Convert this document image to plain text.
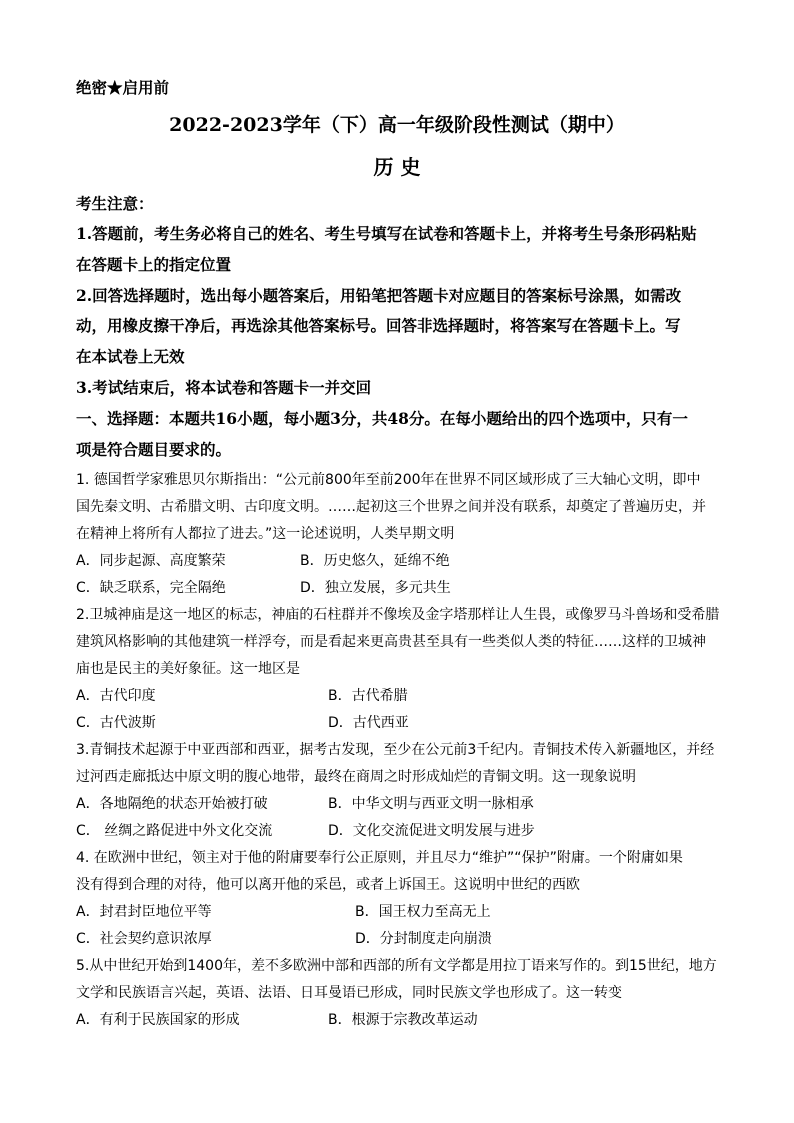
绝密★启用前
2022-2023学年（下）高一年级阶段性测试（期中）
历 史
考生注意：
1.答题前，考生务必将自己的姓名、考生号填写在试卷和答题卡上，并将考生号条形码粘贴
在答题卡上的指定位置
2.回答选择题时，选出每小题答案后，用铅笔把答题卡对应题目的答案标号涂黑，如需改
动，用橡皮擦干净后，再选涂其他答案标号。回答非选择题时，将答案写在答题卡上。写
在本试卷上无效
3.考试结束后，将本试卷和答题卡一并交回
一、选择题：本题共16小题，每小题3分，共48分。在每小题给出的四个选项中，只有一
项是符合题目要求的。
1. 德国哲学家雅思贝尔斯指出：“公元前800年至前200年在世界不同区域形成了三大轴心文明，即中
国先秦文明、古希腊文明、古印度文明。……起初这三个世界之间并没有联系，却奠定了普遍历史，并
在精神上将所有人都拉了进去。”这一论述说明，人类早期文明
A．同步起源、高度繁荣	B．历史悠久，延绵不绝
C．缺乏联系，完全隔绝	D．独立发展，多元共生
2.卫城神庙是这一地区的标志，神庙的石柱群并不像埃及金字塔那样让人生畏，或像罗马斗兽场和受希腊
建筑风格影响的其他建筑一样浮夸，而是看起来更高贵甚至具有一些类似人类的特征……这样的卫城神
庙也是民主的美好象征。这一地区是
A．古代印度	B．古代希腊
C．古代波斯	D．古代西亚
3.青铜技术起源于中亚西部和西亚，据考古发现，至少在公元前3千纪内。青铜技术传入新疆地区，并经
过河西走廊抵达中原文明的腹心地带，最终在商周之时形成灿烂的青铜文明。这一现象说明
A．各地隔绝的状态开始被打破	B．中华文明与西亚文明一脉相承
C． 丝绸之路促进中外文化交流	D．文化交流促进文明发展与进步
4. 在欧洲中世纪，领主对于他的附庸要奉行公正原则，并且尽力“维护”“保护”附庸。一个附庸如果
没有得到合理的对待，他可以离开他的采邑，或者上诉国王。这说明中世纪的西欧
A．封君封臣地位平等	B．国王权力至高无上
C．社会契约意识浓厚	D．分封制度走向崩溃
5.从中世纪开始到1400年，差不多欧洲中部和西部的所有文学都是用拉丁语来写作的。到15世纪，地方
文学和民族语言兴起，英语、法语、日耳曼语已形成，同时民族文学也形成了。这一转变
A．有利于民族国家的形成	B．根源于宗教改革运动
